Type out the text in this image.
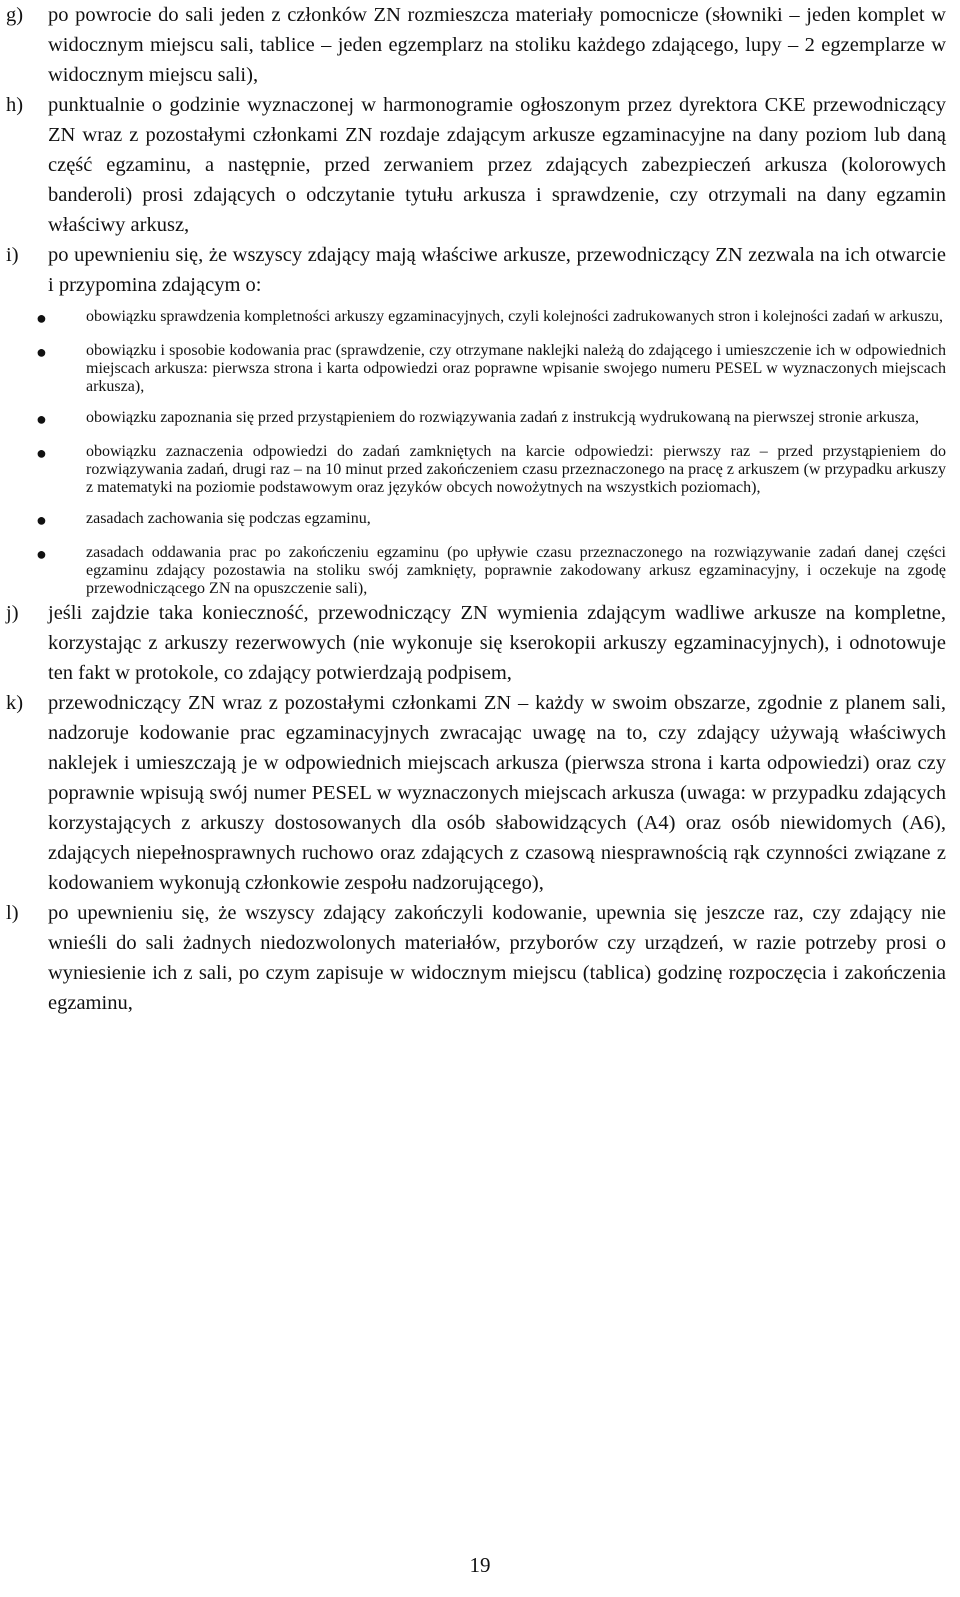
g)	po powrocie do sali jeden z członków ZN rozmieszcza materiały pomocnicze (słowniki – jeden komplet w widocznym miejscu sali, tablice – jeden egzemplarz na stoliku każdego zdającego, lupy – 2 egzemplarze w widocznym miejscu sali),
h)	punktualnie o godzinie wyznaczonej w harmonogramie ogłoszonym przez dyrektora CKE przewodniczący ZN wraz z pozostałymi członkami ZN rozdaje zdającym arkusze egzaminacyjne na dany poziom lub daną część egzaminu, a następnie, przed zerwaniem przez zdających zabezpieczeń arkusza (kolorowych banderoli) prosi zdających o odczytanie tytułu arkusza i sprawdzenie, czy otrzymali na dany egzamin właściwy arkusz,
i)	po upewnieniu się, że wszyscy zdający mają właściwe arkusze, przewodniczący ZN zezwala na ich otwarcie i przypomina zdającym o:
●	obowiązku sprawdzenia kompletności arkuszy egzaminacyjnych, czyli kolejności zadrukowanych stron i kolejności zadań w arkuszu,
●	obowiązku i sposobie kodowania prac (sprawdzenie, czy otrzymane naklejki należą do zdającego i umieszczenie ich w odpowiednich miejscach arkusza: pierwsza strona i karta odpowiedzi oraz poprawne wpisanie swojego numeru PESEL w wyznaczonych miejscach arkusza),
●	obowiązku zapoznania się przed przystąpieniem do rozwiązywania zadań z instrukcją wydrukowaną na pierwszej stronie arkusza,
●	obowiązku zaznaczenia odpowiedzi do zadań zamkniętych na karcie odpowiedzi: pierwszy raz – przed przystąpieniem do rozwiązywania zadań, drugi raz – na 10 minut przed zakończeniem czasu przeznaczonego na pracę z arkuszem (w przypadku arkuszy z matematyki na poziomie podstawowym oraz języków obcych nowożytnych na wszystkich poziomach),
●	zasadach zachowania się podczas egzaminu,
●	zasadach oddawania prac po zakończeniu egzaminu (po upływie czasu przeznaczonego na rozwiązywanie zadań danej części egzaminu zdający pozostawia na stoliku swój zamknięty, poprawnie zakodowany arkusz egzaminacyjny, i oczekuje na zgodę przewodniczącego ZN na opuszczenie sali),
j)	jeśli zajdzie taka konieczność, przewodniczący ZN wymienia zdającym wadliwe arkusze na kompletne, korzystając z arkuszy rezerwowych (nie wykonuje się kserokopii arkuszy egzaminacyjnych), i odnotowuje ten fakt w protokole, co zdający potwierdzają podpisem,
k)	przewodniczący ZN wraz z pozostałymi członkami ZN – każdy w swoim obszarze, zgodnie z planem sali, nadzoruje kodowanie prac egzaminacyjnych zwracając uwagę na to, czy zdający używają właściwych naklejek i umieszczają je w odpowiednich miejscach arkusza (pierwsza strona i karta odpowiedzi) oraz czy poprawnie wpisują swój numer PESEL w wyznaczonych miejscach arkusza (uwaga: w przypadku zdających korzystających z arkuszy dostosowanych dla osób słabowidzących (A4) oraz osób niewidomych (A6), zdających niepełnosprawnych ruchowo oraz zdających z czasową niesprawnością rąk czynności związane z kodowaniem wykonują członkowie zespołu nadzorującego),
l)	po upewnieniu się, że wszyscy zdający zakończyli kodowanie, upewnia się jeszcze raz, czy zdający nie wnieśli do sali żadnych niedozwolonych materiałów, przyborów czy urządzeń, w razie potrzeby prosi o wyniesienie ich z sali, po czym zapisuje w widocznym miejscu (tablica) godzinę rozpoczęcia i zakończenia egzaminu,
19
